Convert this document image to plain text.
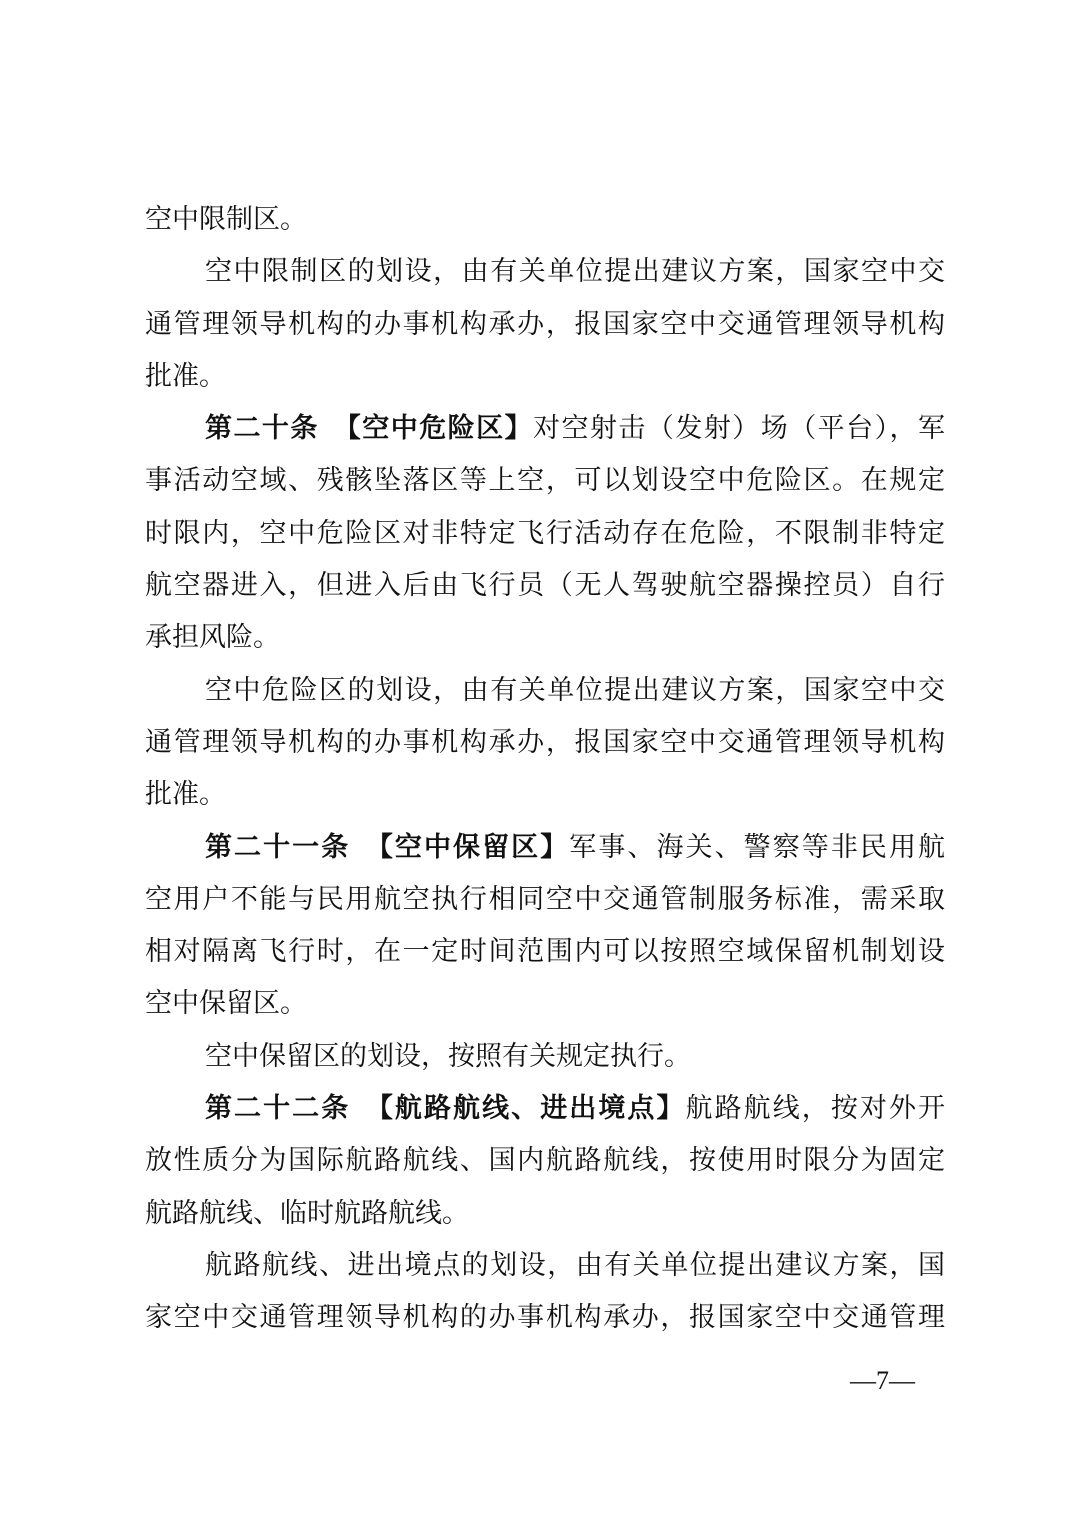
空中限制区。
空中限制区的划设，由有关单位提出建议方案，国家空中交
通管理领导机构的办事机构承办，报国家空中交通管理领导机构
批准。
第二十条　【空中危险区】对空射击（发射）场（平台），军
事活动空域、残骸坠落区等上空，可以划设空中危险区。在规定
时限内，空中危险区对非特定飞行活动存在危险，不限制非特定
航空器进入，但进入后由飞行员（无人驾驶航空器操控员）自行
承担风险。
空中危险区的划设，由有关单位提出建议方案，国家空中交
通管理领导机构的办事机构承办，报国家空中交通管理领导机构
批准。
第二十一条　【空中保留区】军事、海关、警察等非民用航
空用户不能与民用航空执行相同空中交通管制服务标准，需采取
相对隔离飞行时，在一定时间范围内可以按照空域保留机制划设
空中保留区。
空中保留区的划设，按照有关规定执行。
第二十二条　【航路航线、进出境点】航路航线，按对外开
放性质分为国际航路航线、国内航路航线，按使用时限分为固定
航路航线、临时航路航线。
航路航线、进出境点的划设，由有关单位提出建议方案，国
家空中交通管理领导机构的办事机构承办，报国家空中交通管理
—7—
